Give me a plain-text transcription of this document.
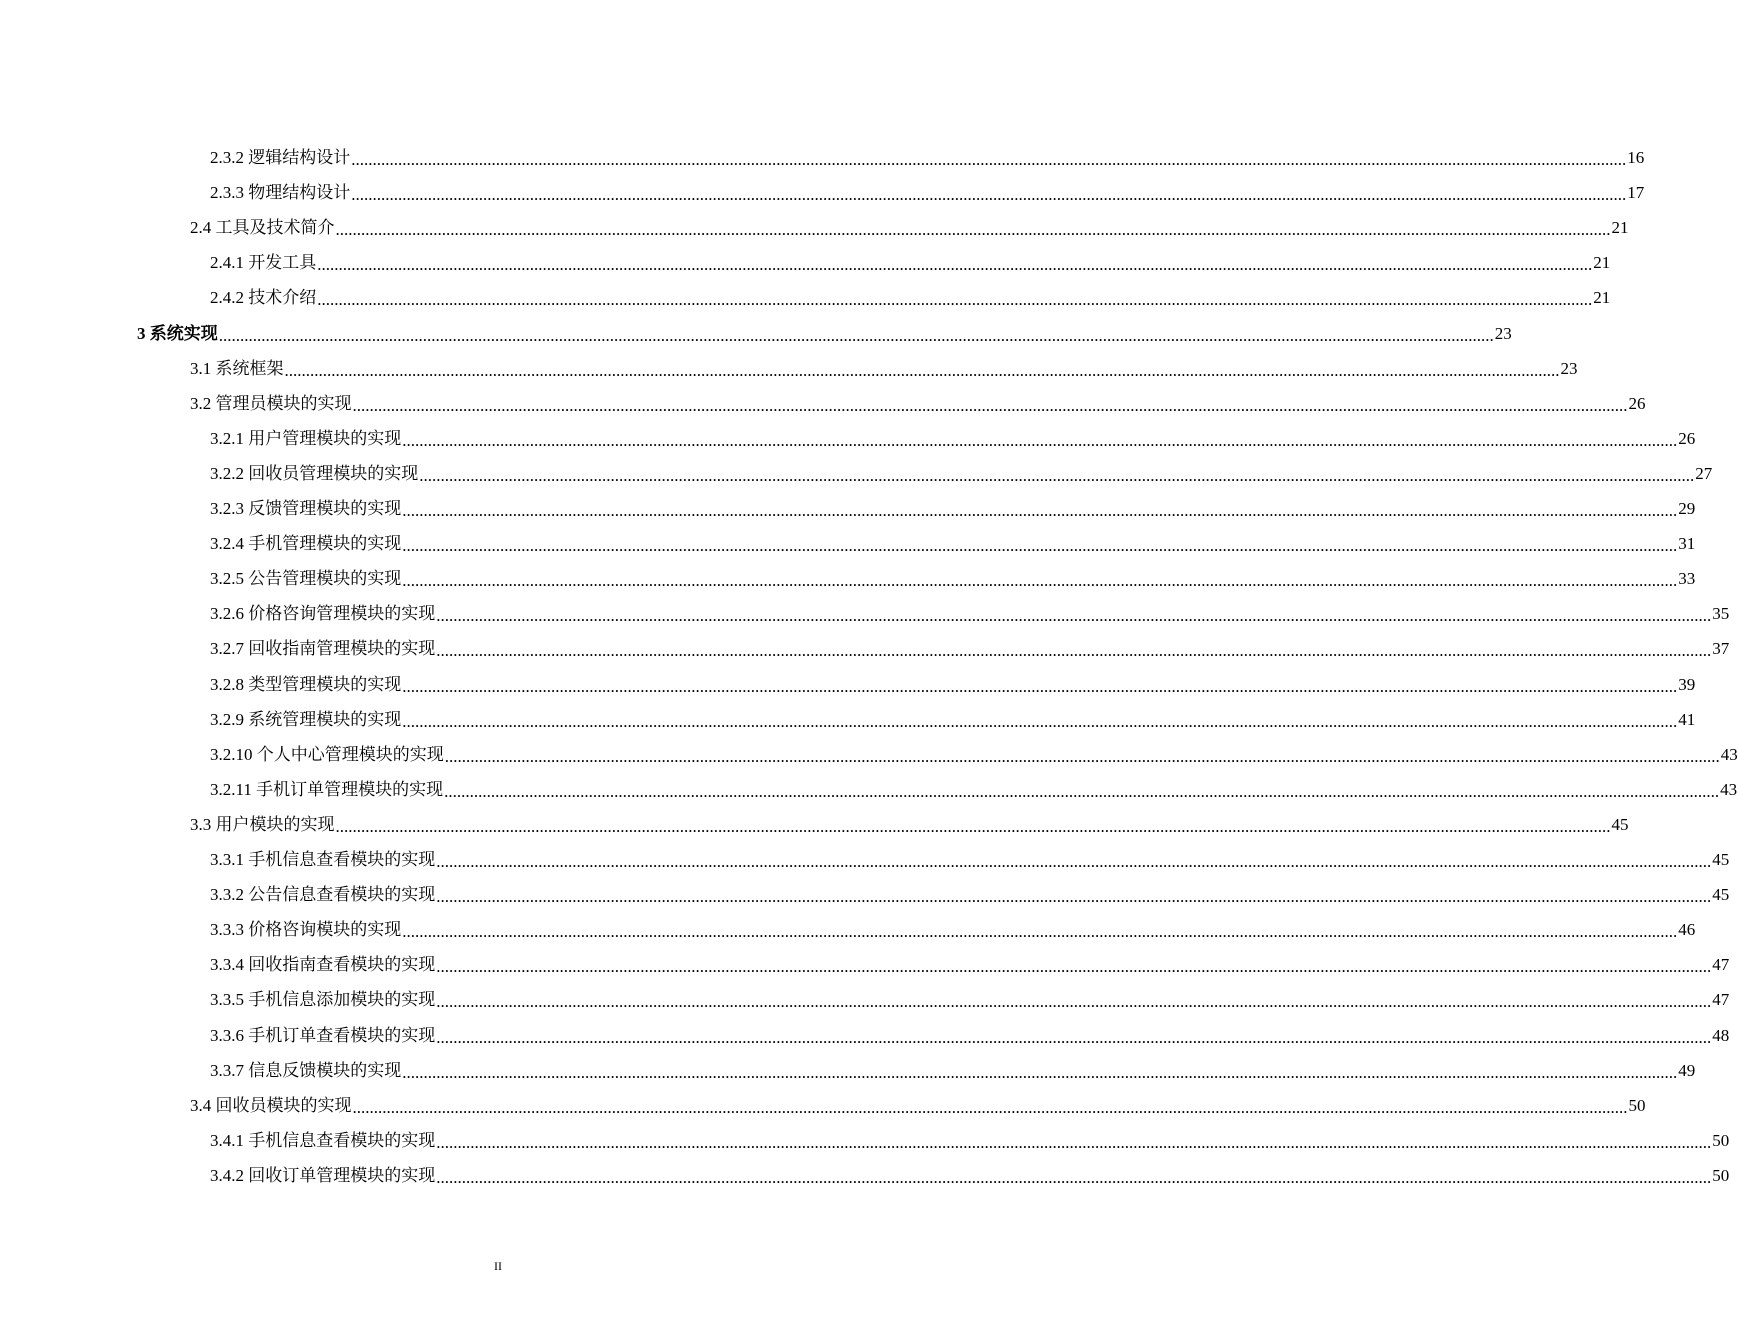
2.3.2 逻辑结构设计 ............................................................................................................................................................................................................................................................................................................ 16
2.3.3 物理结构设计 ............................................................................................................................................................................................................................................................................................................ 17
2.4 工具及技术简介 ............................................................................................................................................................................................................................................................................................................ 21
2.4.1 开发工具 ............................................................................................................................................................................................................................................................................................................ 21
2.4.2 技术介绍 ............................................................................................................................................................................................................................................................................................................ 21
3 系统实现 ............................................................................................................................................................................................................................................................................................................ 23
3.1 系统框架 ............................................................................................................................................................................................................................................................................................................ 23
3.2 管理员模块的实现 ............................................................................................................................................................................................................................................................................................................ 26
3.2.1 用户管理模块的实现 ............................................................................................................................................................................................................................................................................................................ 26
3.2.2 回收员管理模块的实现 ............................................................................................................................................................................................................................................................................................................ 27
3.2.3 反馈管理模块的实现 ............................................................................................................................................................................................................................................................................................................ 29
3.2.4 手机管理模块的实现 ............................................................................................................................................................................................................................................................................................................ 31
3.2.5 公告管理模块的实现 ............................................................................................................................................................................................................................................................................................................ 33
3.2.6 价格咨询管理模块的实现 ............................................................................................................................................................................................................................................................................................................ 35
3.2.7 回收指南管理模块的实现 ............................................................................................................................................................................................................................................................................................................ 37
3.2.8 类型管理模块的实现 ............................................................................................................................................................................................................................................................................................................ 39
3.2.9 系统管理模块的实现 ............................................................................................................................................................................................................................................................................................................ 41
3.2.10 个人中心管理模块的实现 ............................................................................................................................................................................................................................................................................................................ 43
3.2.11 手机订单管理模块的实现 ............................................................................................................................................................................................................................................................................................................ 43
3.3 用户模块的实现 ............................................................................................................................................................................................................................................................................................................ 45
3.3.1 手机信息查看模块的实现 ............................................................................................................................................................................................................................................................................................................ 45
3.3.2 公告信息查看模块的实现 ............................................................................................................................................................................................................................................................................................................ 45
3.3.3 价格咨询模块的实现 ............................................................................................................................................................................................................................................................................................................ 46
3.3.4 回收指南查看模块的实现 ............................................................................................................................................................................................................................................................................................................ 47
3.3.5 手机信息添加模块的实现 ............................................................................................................................................................................................................................................................................................................ 47
3.3.6 手机订单查看模块的实现 ............................................................................................................................................................................................................................................................................................................ 48
3.3.7 信息反馈模块的实现 ............................................................................................................................................................................................................................................................................................................ 49
3.4 回收员模块的实现 ............................................................................................................................................................................................................................................................................................................ 50
3.4.1 手机信息查看模块的实现 ............................................................................................................................................................................................................................................................................................................ 50
3.4.2 回收订单管理模块的实现 ............................................................................................................................................................................................................................................................................................................ 50
II
